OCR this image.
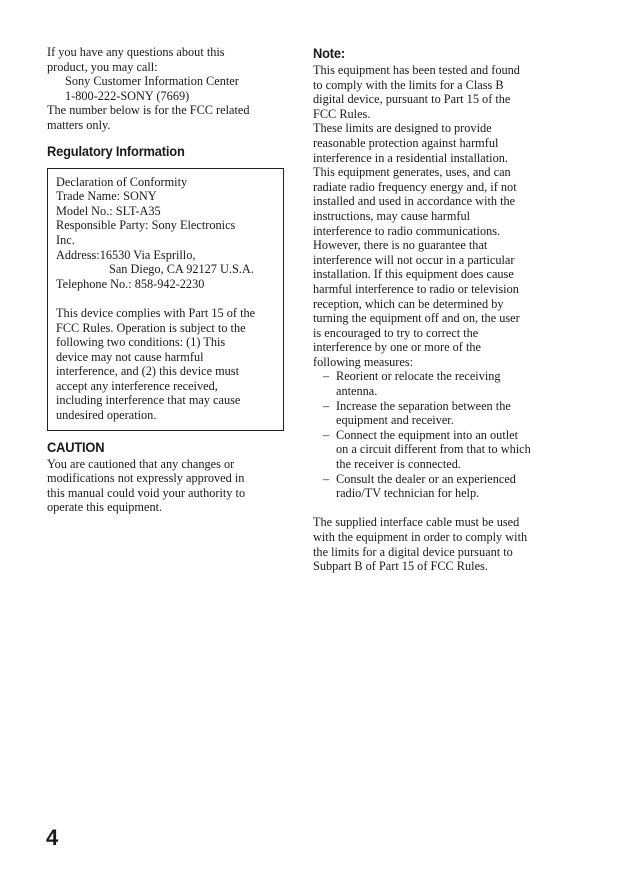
If you have any questions about this
product, you may call:
Sony Customer Information Center
1-800-222-SONY (7669)
The number below is for the FCC related
matters only.
Regulatory Information
Declaration of Conformity
Trade Name: SONY
Model No.: SLT-A35
Responsible Party: Sony Electronics
Inc.
Address:16530 Via Esprillo,
San Diego, CA 92127 U.S.A.
Telephone No.: 858-942-2230
This device complies with Part 15 of the
FCC Rules. Operation is subject to the
following two conditions: (1) This
device may not cause harmful
interference, and (2) this device must
accept any interference received,
including interference that may cause
undesired operation.
CAUTION
You are cautioned that any changes or
modifications not expressly approved in
this manual could void your authority to
operate this equipment.
Note:
This equipment has been tested and found
to comply with the limits for a Class B
digital device, pursuant to Part 15 of the
FCC Rules.
These limits are designed to provide
reasonable protection against harmful
interference in a residential installation.
This equipment generates, uses, and can
radiate radio frequency energy and, if not
installed and used in accordance with the
instructions, may cause harmful
interference to radio communications.
However, there is no guarantee that
interference will not occur in a particular
installation. If this equipment does cause
harmful interference to radio or television
reception, which can be determined by
turning the equipment off and on, the user
is encouraged to try to correct the
interference by one or more of the
following measures:
– Reorient or relocate the receiving
antenna.
– Increase the separation between the
equipment and receiver.
– Connect the equipment into an outlet
on a circuit different from that to which
the receiver is connected.
– Consult the dealer or an experienced
radio/TV technician for help.
The supplied interface cable must be used
with the equipment in order to comply with
the limits for a digital device pursuant to
Subpart B of Part 15 of FCC Rules.
4
